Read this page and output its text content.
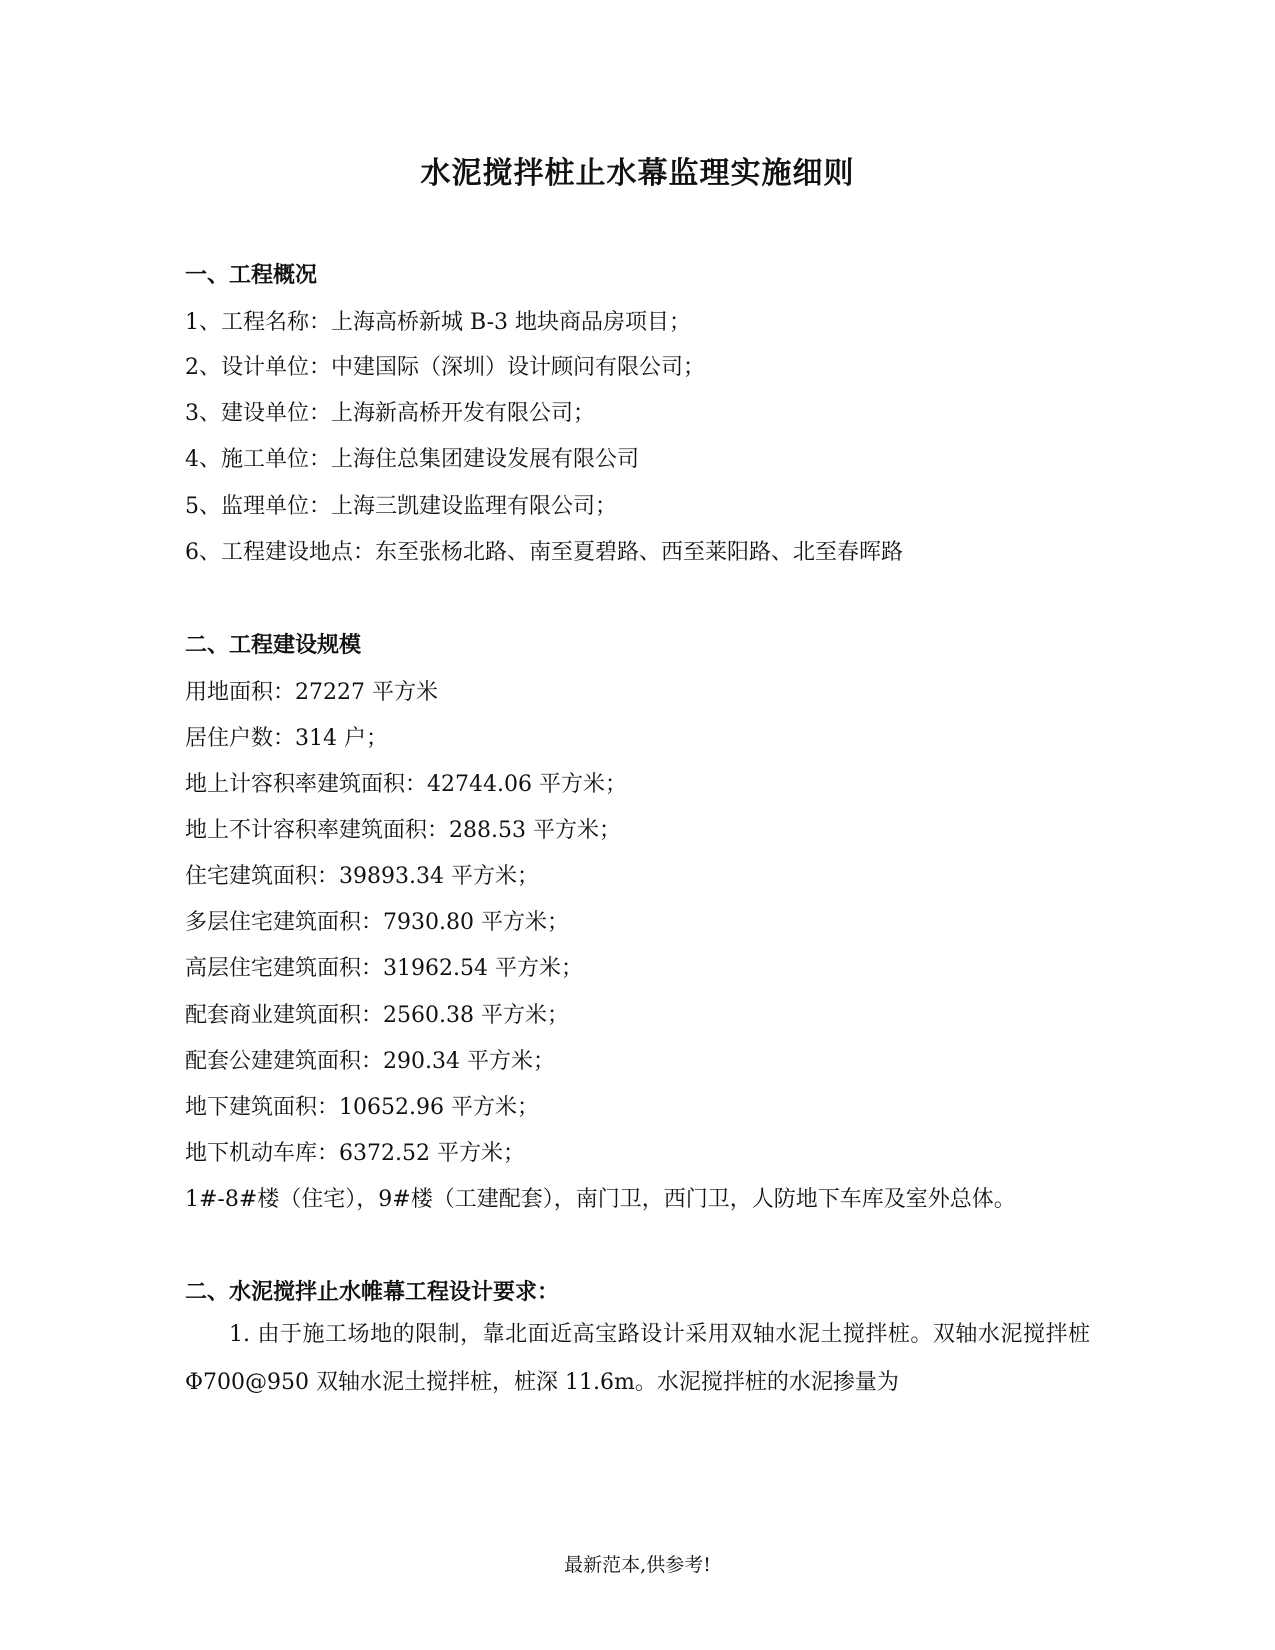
水泥搅拌桩止水幕监理实施细则
一、工程概况
1、工程名称：上海高桥新城 B-3 地块商品房项目；
2、设计单位：中建国际（深圳）设计顾问有限公司；
3、建设单位：上海新高桥开发有限公司；
4、施工单位：上海住总集团建设发展有限公司
5、监理单位：上海三凯建设监理有限公司；
6、工程建设地点：东至张杨北路、南至夏碧路、西至莱阳路、北至春晖路
二、工程建设规模
用地面积：27227 平方米
居住户数：314 户；
地上计容积率建筑面积：42744.06 平方米；
地上不计容积率建筑面积：288.53 平方米；
住宅建筑面积：39893.34 平方米；
多层住宅建筑面积：7930.80 平方米；
高层住宅建筑面积：31962.54 平方米；
配套商业建筑面积：2560.38 平方米；
配套公建建筑面积：290.34 平方米；
地下建筑面积：10652.96 平方米；
地下机动车库：6372.52 平方米；
1#-8#楼（住宅），9#楼（工建配套），南门卫，西门卫，人防地下车库及室外总体。
二、水泥搅拌止水帷幕工程设计要求：
1. 由于施工场地的限制，靠北面近高宝路设计采用双轴水泥土搅拌桩。双轴水泥搅拌桩Φ700@950 双轴水泥土搅拌桩，桩深 11.6m。水泥搅拌桩的水泥掺量为
最新范本,供参考!
